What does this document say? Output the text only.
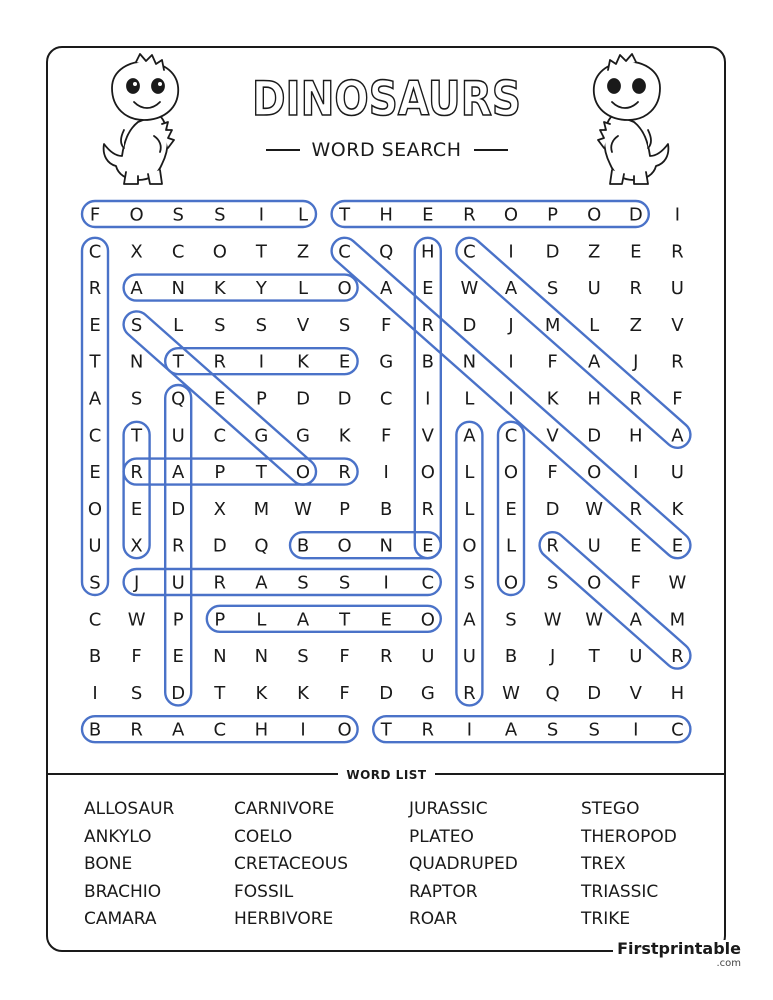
DINOSAURS
WORD SEARCH
F O S S I L T H E R O P O D I
C X C O T Z C Q H C I D Z E R
R A N K Y L O A E W A S U R U
E S L S S V S F R D J M L Z V
T N T R I K E G B N I F A J R
A S Q E P D D C I L I K H R F
C T U C G G K F V A C V D H A
E R A P T O R I O L O F O I U
O E D X M W P B R L E D W R K
U X R D Q B O N E O L R U E E
S J U R A S S I C S O S O F W
C W P P L A T E O A S W W A M
B F E N N S F R U U B J T U R
I S D T K K F D G R W Q D V H
B R A C H I O T R I A S S I C
WORD LIST
ALLOSAUR
ANKYLO
BONE
BRACHIO
CAMARA
CARNIVORE
COELO
CRETACEOUS
FOSSIL
HERBIVORE
JURASSIC
PLATEO
QUADRUPED
RAPTOR
ROAR
STEGO
THEROPOD
TREX
TRIASSIC
TRIKE
Firstprintable
.com
